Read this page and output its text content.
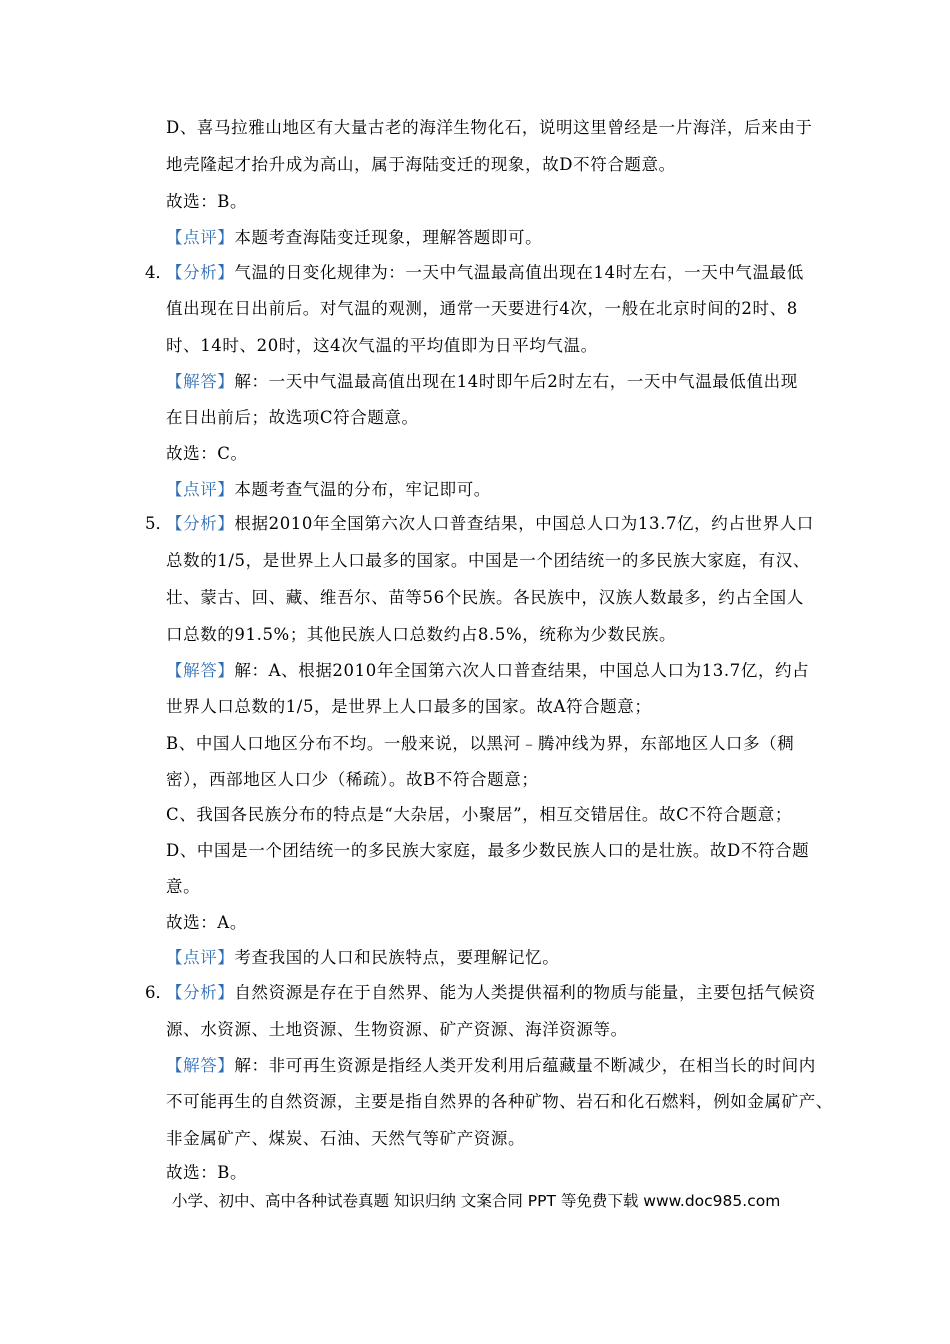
D、喜马拉雅山地区有大量古老的海洋生物化石，说明这里曾经是一片海洋，后来由于
地壳隆起才抬升成为高山，属于海陆变迁的现象，故D不符合题意。
故选：B。
【点评】本题考查海陆变迁现象，理解答题即可。
4．
【分析】气温的日变化规律为：一天中气温最高值出现在14时左右，一天中气温最低
值出现在日出前后。对气温的观测，通常一天要进行4次，一般在北京时间的2时、8
时、14时、20时，这4次气温的平均值即为日平均气温。
【解答】解：一天中气温最高值出现在14时即午后2时左右，一天中气温最低值出现
在日出前后；故选项C符合题意。
故选：C。
【点评】本题考查气温的分布，牢记即可。
5．
【分析】根据2010年全国第六次人口普查结果，中国总人口为13.7亿，约占世界人口
总数的1/5，是世界上人口最多的国家。中国是一个团结统一的多民族大家庭，有汉、
壮、蒙古、回、藏、维吾尔、苗等56个民族。各民族中，汉族人数最多，约占全国人
口总数的91.5%；其他民族人口总数约占8.5%，统称为少数民族。
【解答】解：A、根据2010年全国第六次人口普查结果，中国总人口为13.7亿，约占
世界人口总数的1/5，是世界上人口最多的国家。故A符合题意；
B、中国人口地区分布不均。一般来说，以黑河﹣腾冲线为界，东部地区人口多（稠
密），西部地区人口少（稀疏）。故B不符合题意；
C、我国各民族分布的特点是“大杂居，小聚居”，相互交错居住。故C不符合题意；
D、中国是一个团结统一的多民族大家庭，最多少数民族人口的是壮族。故D不符合题
意。
故选：A。
【点评】考查我国的人口和民族特点，要理解记忆。
6．
【分析】自然资源是存在于自然界、能为人类提供福利的物质与能量，主要包括气候资
源、水资源、土地资源、生物资源、矿产资源、海洋资源等。
【解答】解：非可再生资源是指经人类开发利用后蕴藏量不断减少，在相当长的时间内
不可能再生的自然资源，主要是指自然界的各种矿物、岩石和化石燃料，例如金属矿产、
非金属矿产、煤炭、石油、天然气等矿产资源。
故选：B。
小学、初中、高中各种试卷真题 知识归纳 文案合同 PPT 等免费下载 www.doc985.com
